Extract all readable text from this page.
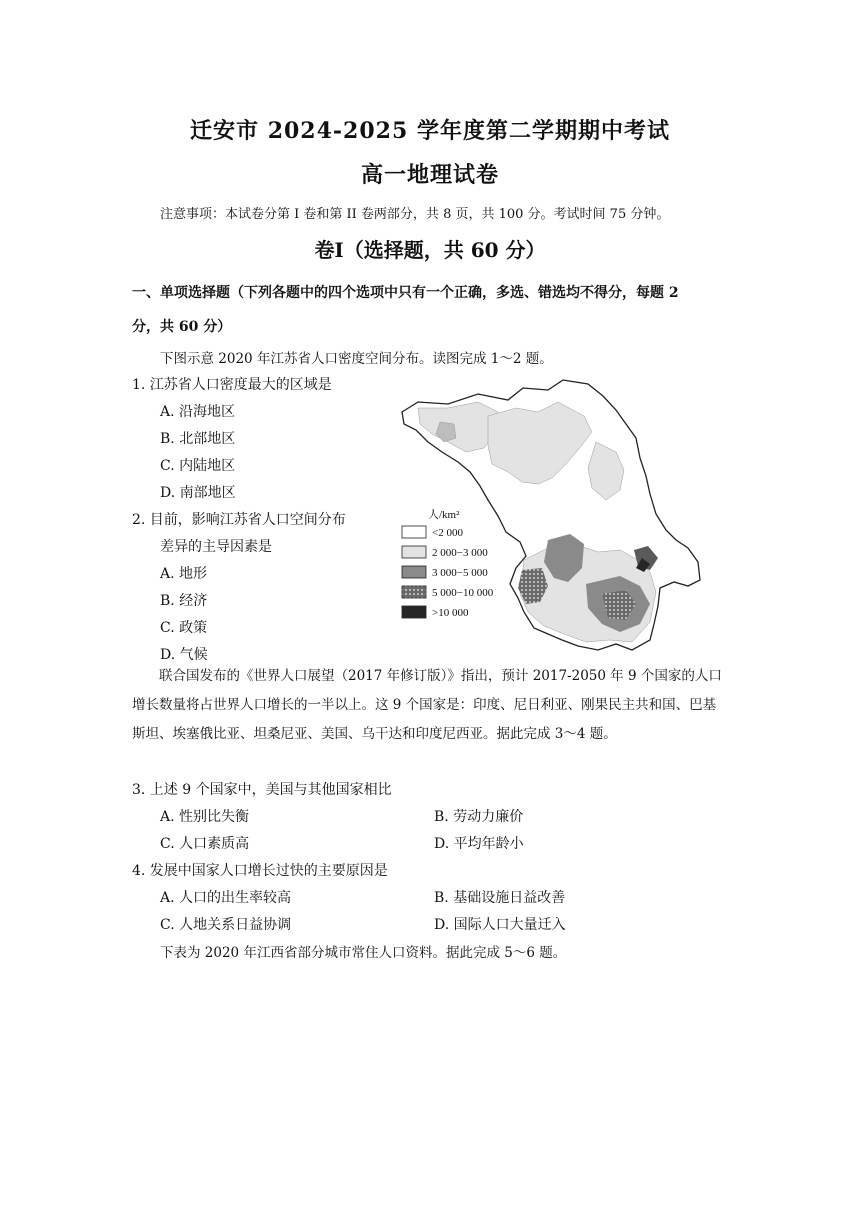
迁安市 2024-2025 学年度第二学期期中考试
高一地理试卷
注意事项：本试卷分第 I 卷和第 II 卷两部分，共 8 页，共 100 分。考试时间 75 分钟。
卷Ⅰ（选择题，共 60 分）
一、单项选择题（下列各题中的四个选项中只有一个正确，多选、错选均不得分，每题 2
分，共 60 分）
下图示意 2020 年江苏省人口密度空间分布。读图完成 1～2 题。
1. 江苏省人口密度最大的区域是
A. 沿海地区
B. 北部地区
C. 内陆地区
D. 南部地区
2. 目前，影响江苏省人口空间分布
差异的主导因素是
A. 地形
B. 经济
C. 政策
D. 气候
人/km²
<2 000
2 000−3 000
3 000−5 000
5 000−10 000
>10 000
联合国发布的《世界人口展望（2017 年修订版）》指出，预计 2017-2050 年 9 个国家的人口增长数量将占世界人口增长的一半以上。这 9 个国家是：印度、尼日利亚、刚果民主共和国、巴基斯坦、埃塞俄比亚、坦桑尼亚、美国、乌干达和印度尼西亚。据此完成 3～4 题。
3. 上述 9 个国家中，美国与其他国家相比
A. 性别比失衡	B. 劳动力廉价
C. 人口素质高	D. 平均年龄小
4. 发展中国家人口增长过快的主要原因是
A. 人口的出生率较高	B. 基础设施日益改善
C. 人地关系日益协调	D. 国际人口大量迁入
下表为 2020 年江西省部分城市常住人口资料。据此完成 5～6 题。
